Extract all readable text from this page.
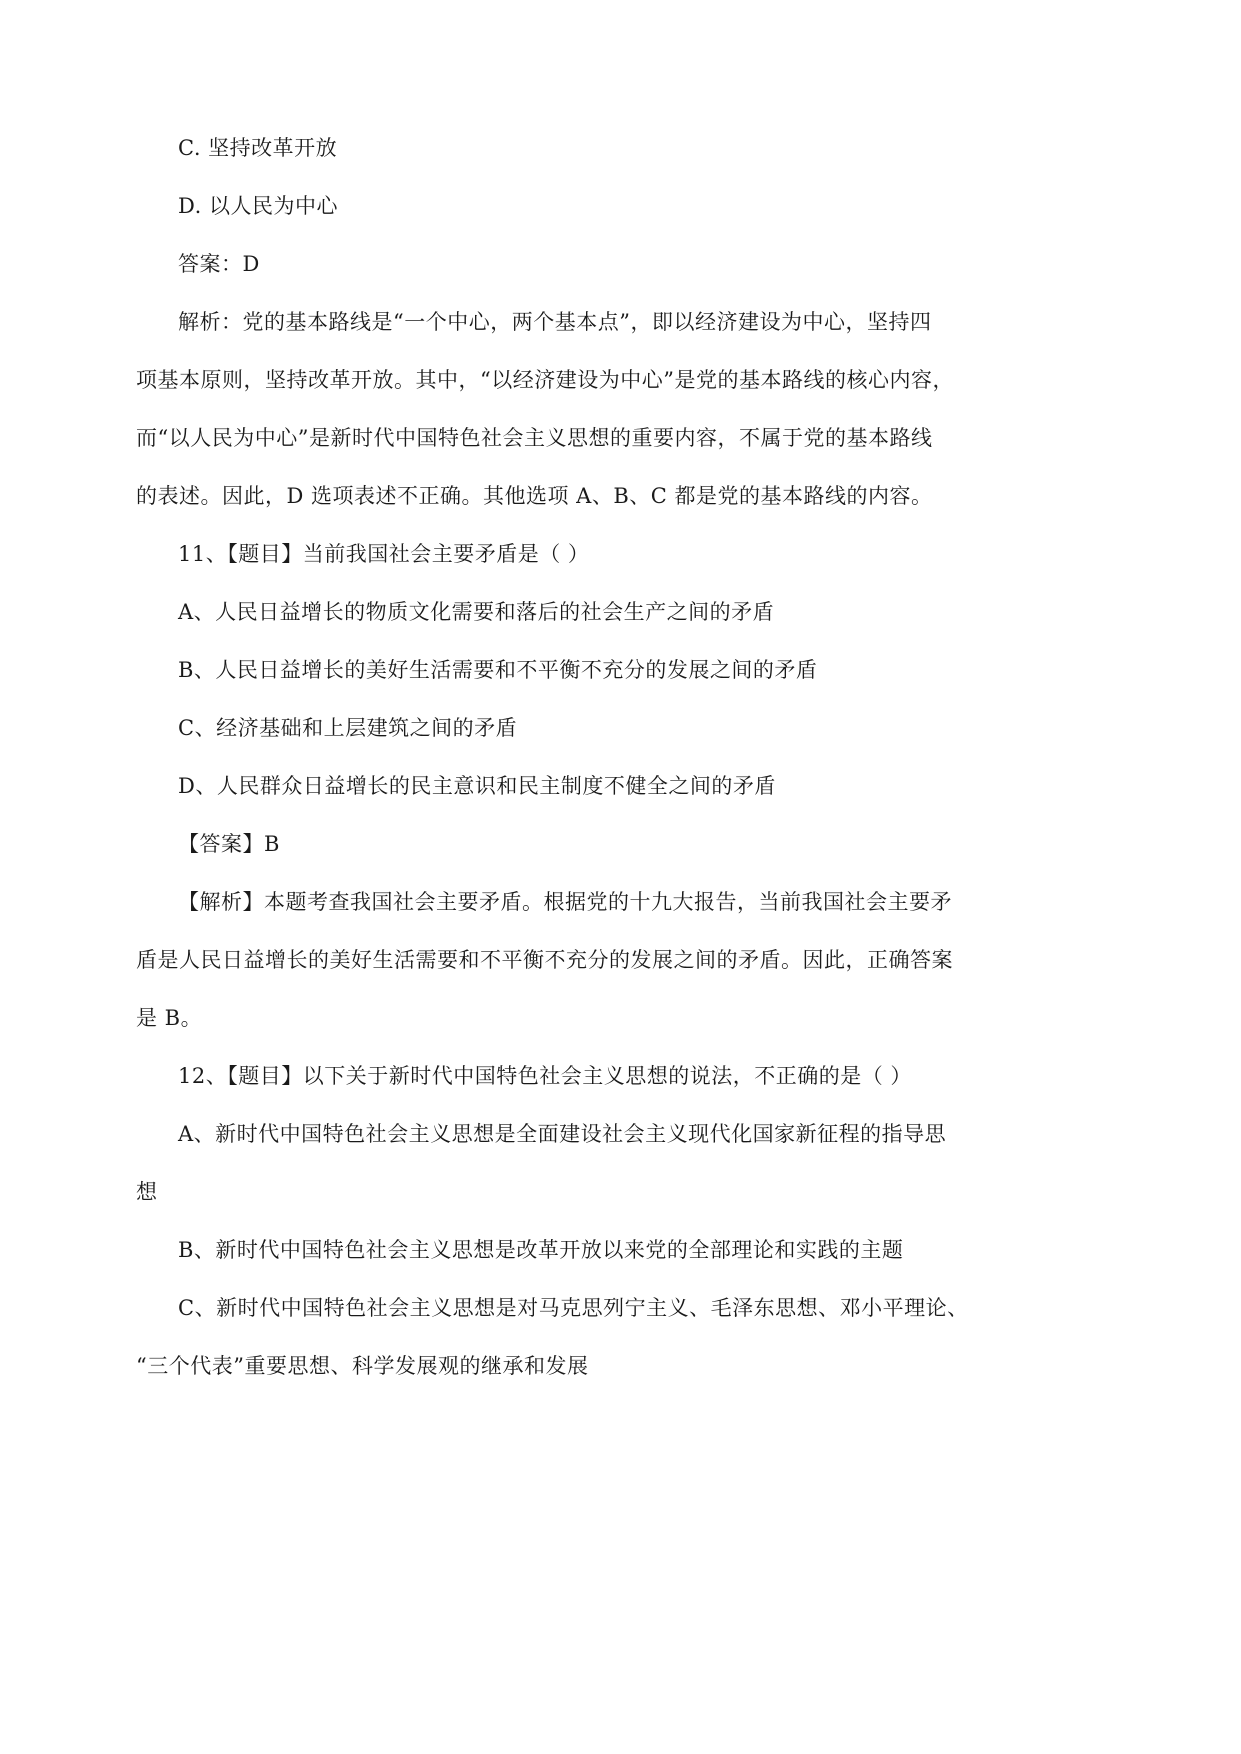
C. 坚持改革开放
D. 以人民为中心
答案：D
解析：党的基本路线是“一个中心，两个基本点”，即以经济建设为中心，坚持四
项基本原则，坚持改革开放。其中，“以经济建设为中心”是党的基本路线的核心内容，
而“以人民为中心”是新时代中国特色社会主义思想的重要内容，不属于党的基本路线
的表述。因此，D 选项表述不正确。其他选项 A、B、C 都是党的基本路线的内容。
11、【题目】当前我国社会主要矛盾是（ ）
A、人民日益增长的物质文化需要和落后的社会生产之间的矛盾
B、人民日益增长的美好生活需要和不平衡不充分的发展之间的矛盾
C、经济基础和上层建筑之间的矛盾
D、人民群众日益增长的民主意识和民主制度不健全之间的矛盾
【答案】B
【解析】本题考查我国社会主要矛盾。根据党的十九大报告，当前我国社会主要矛
盾是人民日益增长的美好生活需要和不平衡不充分的发展之间的矛盾。因此，正确答案
是 B。
12、【题目】以下关于新时代中国特色社会主义思想的说法，不正确的是（ ）
A、新时代中国特色社会主义思想是全面建设社会主义现代化国家新征程的指导思
想
B、新时代中国特色社会主义思想是改革开放以来党的全部理论和实践的主题
C、新时代中国特色社会主义思想是对马克思列宁主义、毛泽东思想、邓小平理论、
“三个代表”重要思想、科学发展观的继承和发展
